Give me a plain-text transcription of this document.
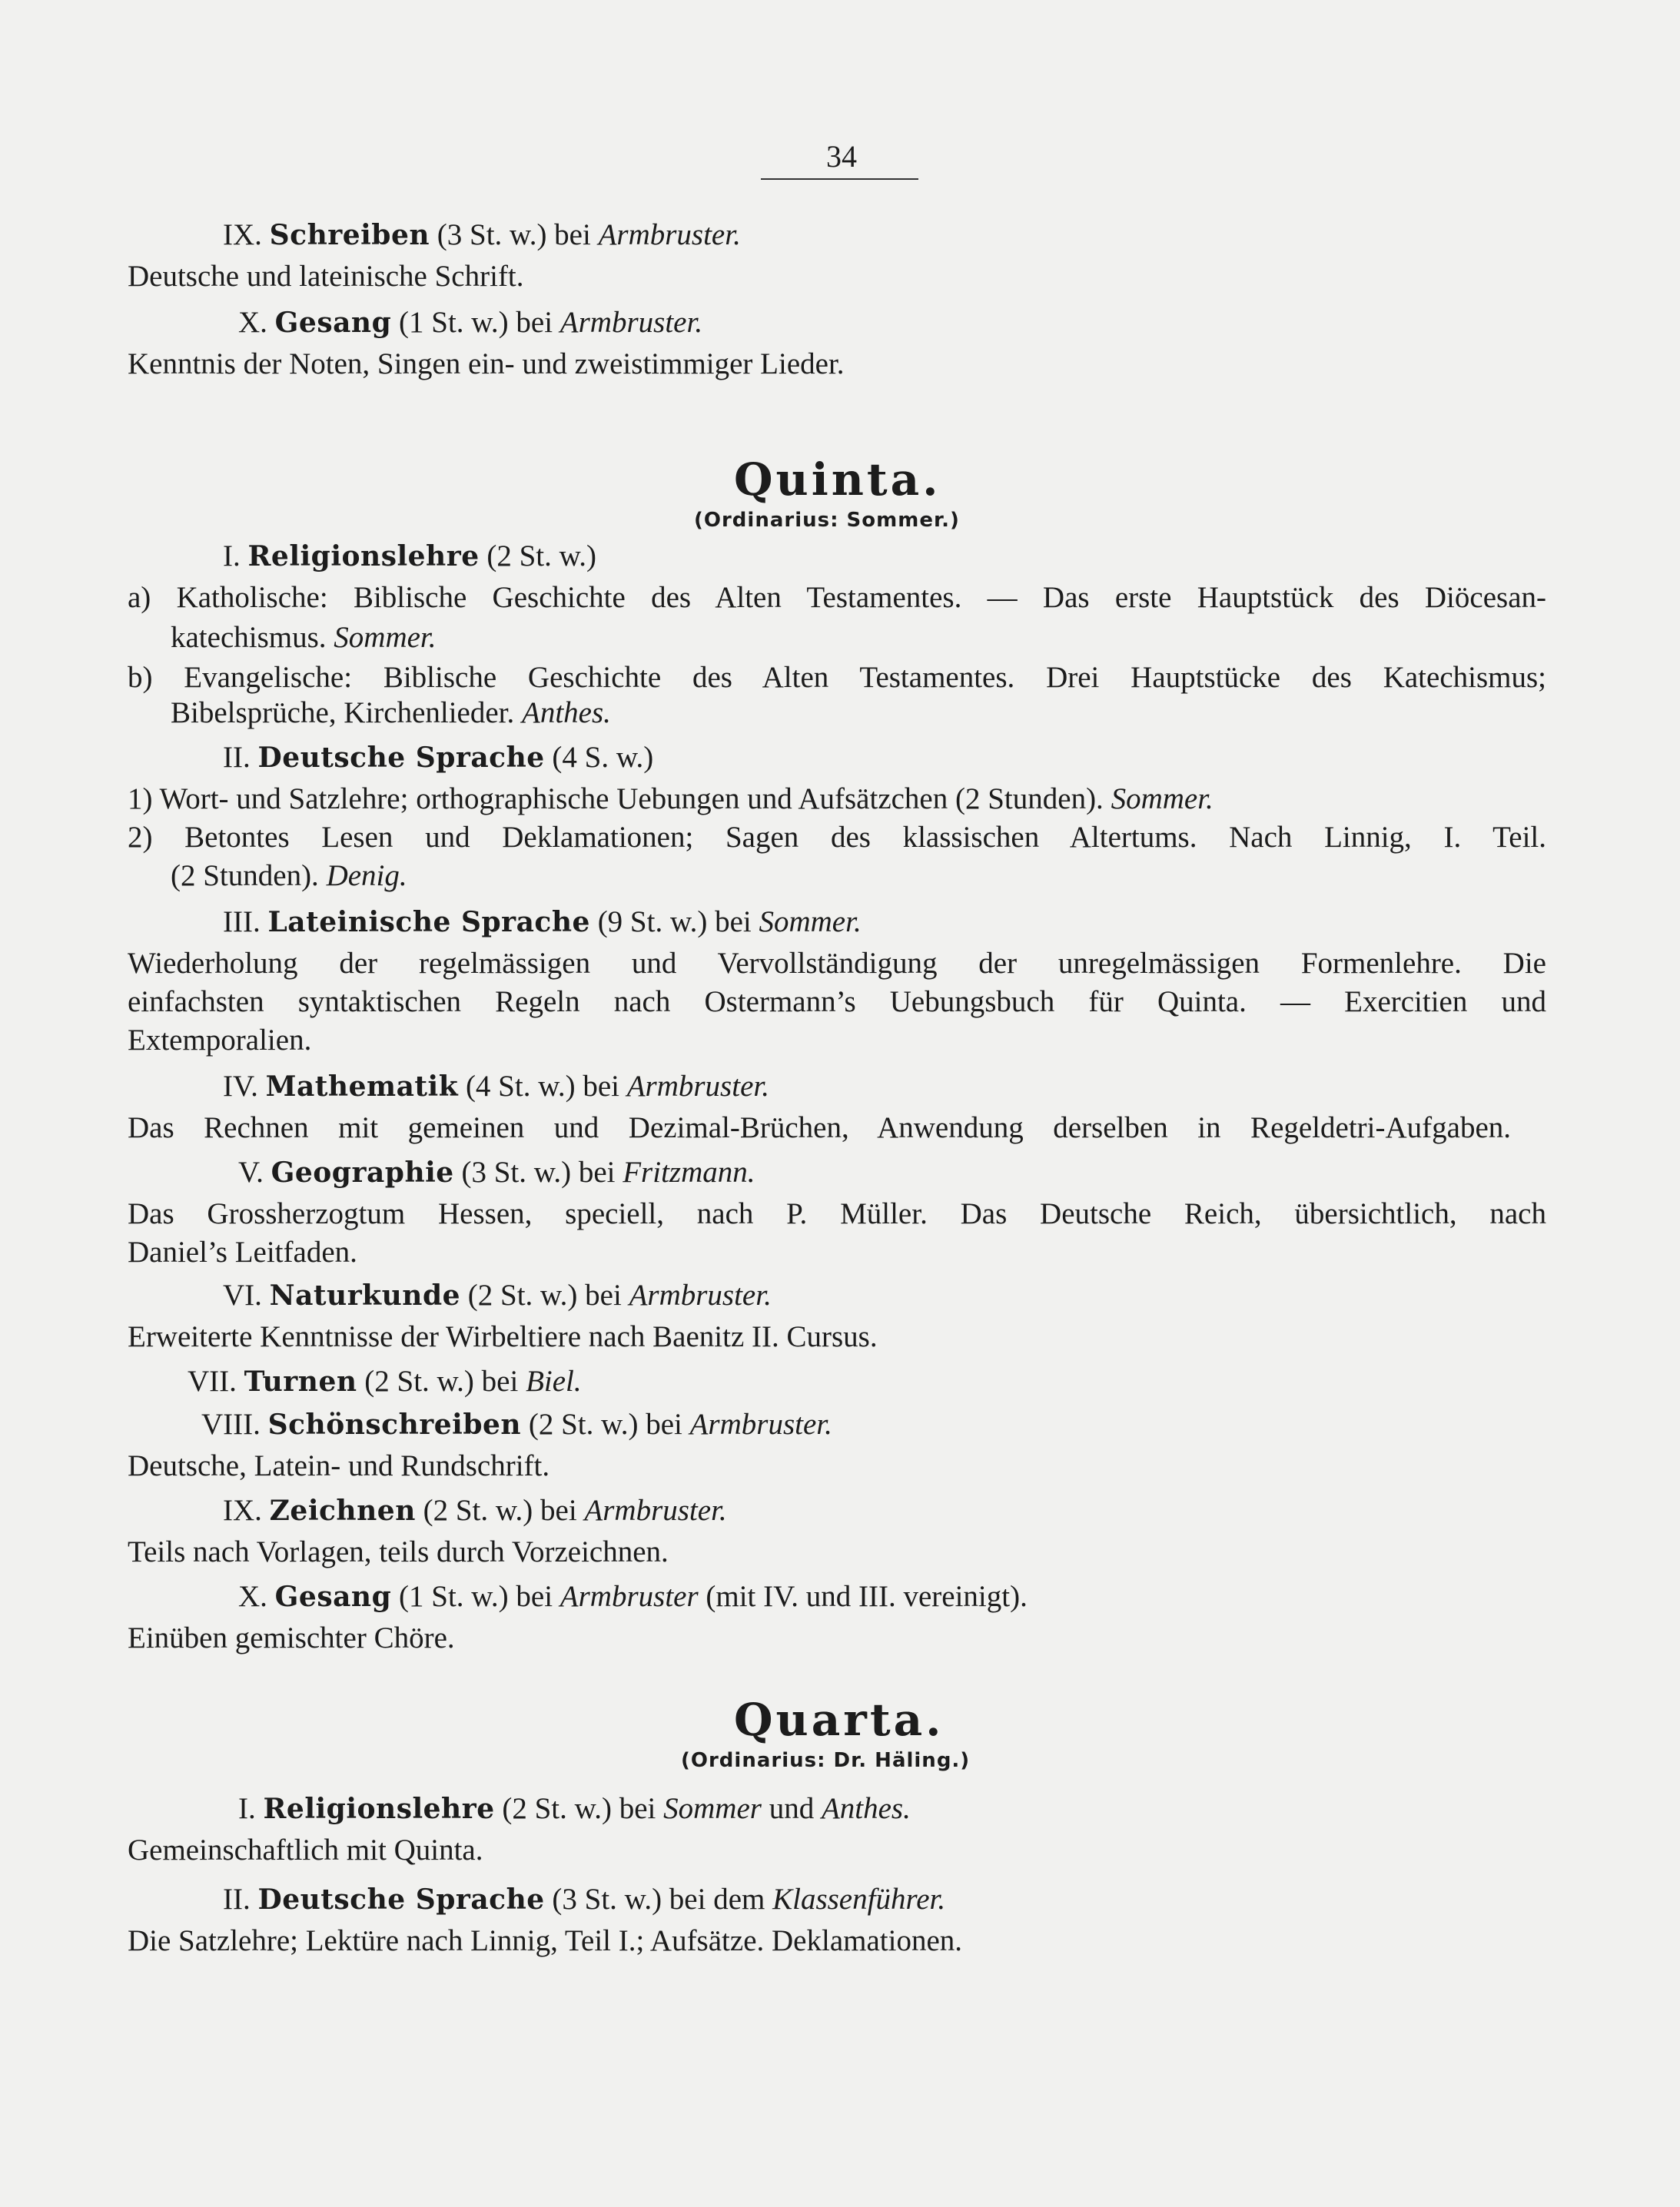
34
IX. Schreiben (3 St. w.) bei Armbruster.
Deutsche und lateinische Schrift.
X. Gesang (1 St. w.) bei Armbruster.
Kenntnis der Noten, Singen ein- und zweistimmiger Lieder.
Quinta.
(Ordinarius: Sommer.)
I. Religionslehre (2 St. w.)
a) Katholische: Biblische Geschichte des Alten Testamentes. — Das erste Hauptstück des Diöcesan-
katechismus. Sommer.
b) Evangelische: Biblische Geschichte des Alten Testamentes. Drei Hauptstücke des Katechismus;
Bibelsprüche, Kirchenlieder. Anthes.
II. Deutsche Sprache (4 S. w.)
1) Wort- und Satzlehre; orthographische Uebungen und Aufsätzchen (2 Stunden). Sommer.
2) Betontes Lesen und Deklamationen; Sagen des klassischen Altertums. Nach Linnig, I. Teil.
(2 Stunden). Denig.
III. Lateinische Sprache (9 St. w.) bei Sommer.
Wiederholung der regelmässigen und Vervollständigung der unregelmässigen Formenlehre. Die
einfachsten syntaktischen Regeln nach Ostermann’s Uebungsbuch für Quinta. — Exercitien und
Extemporalien.
IV. Mathematik (4 St. w.) bei Armbruster.
Das Rechnen mit gemeinen und Dezimal-Brüchen, Anwendung derselben in Regeldetri-Aufgaben.
V. Geographie (3 St. w.) bei Fritzmann.
Das Grossherzogtum Hessen, speciell, nach P. Müller. Das Deutsche Reich, übersichtlich, nach
Daniel’s Leitfaden.
VI. Naturkunde (2 St. w.) bei Armbruster.
Erweiterte Kenntnisse der Wirbeltiere nach Baenitz II. Cursus.
VII. Turnen (2 St. w.) bei Biel.
VIII. Schönschreiben (2 St. w.) bei Armbruster.
Deutsche, Latein- und Rundschrift.
IX. Zeichnen (2 St. w.) bei Armbruster.
Teils nach Vorlagen, teils durch Vorzeichnen.
X. Gesang (1 St. w.) bei Armbruster (mit IV. und III. vereinigt).
Einüben gemischter Chöre.
Quarta.
(Ordinarius: Dr. Häling.)
I. Religionslehre (2 St. w.) bei Sommer und Anthes.
Gemeinschaftlich mit Quinta.
II. Deutsche Sprache (3 St. w.) bei dem Klassenführer.
Die Satzlehre; Lektüre nach Linnig, Teil I.; Aufsätze. Deklamationen.
